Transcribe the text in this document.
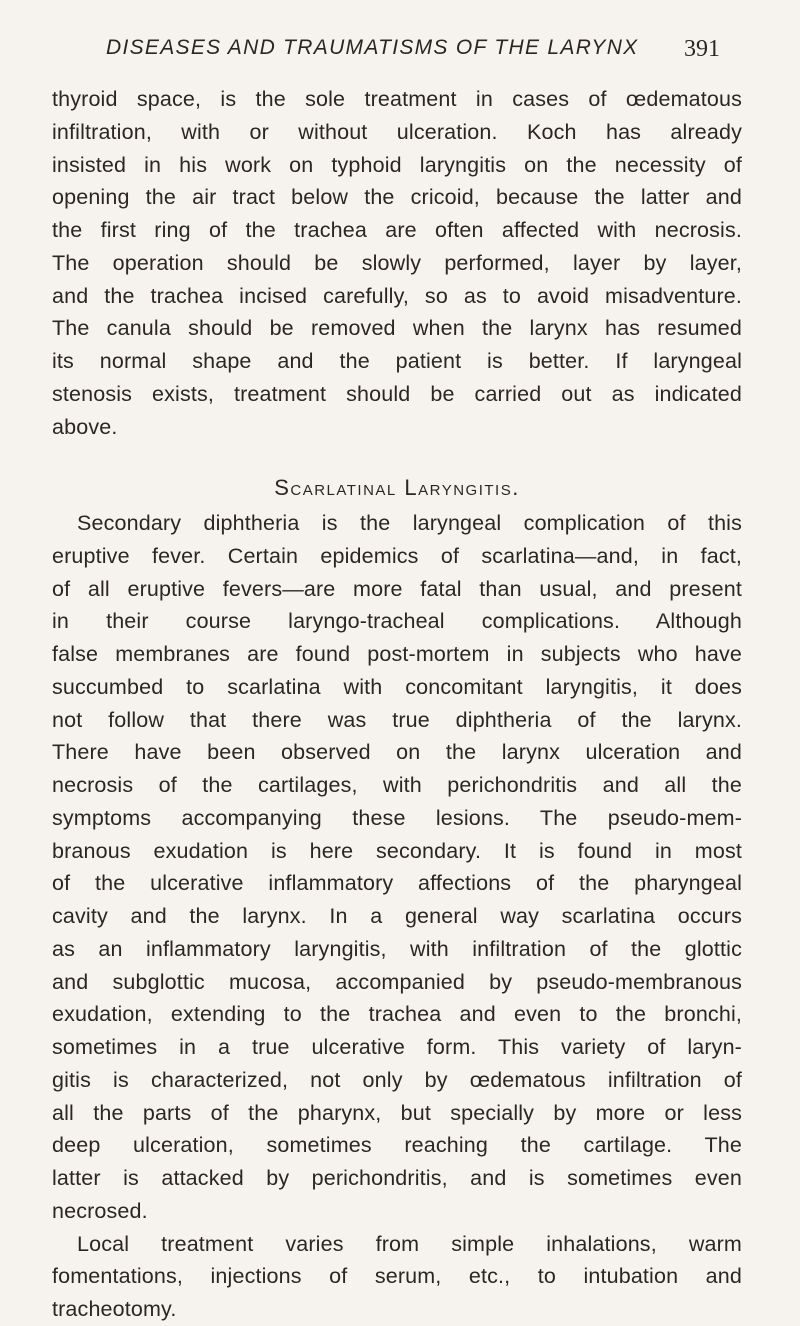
DISEASES AND TRAUMATISMS OF THE LARYNX 391
thyroid space, is the sole treatment in cases of œdematous
infiltration, with or without ulceration. Koch has already
insisted in his work on typhoid laryngitis on the necessity of
opening the air tract below the cricoid, because the latter and
the first ring of the trachea are often affected with necrosis.
The operation should be slowly performed, layer by layer,
and the trachea incised carefully, so as to avoid misadventure.
The canula should be removed when the larynx has resumed
its normal shape and the patient is better. If laryngeal
stenosis exists, treatment should be carried out as indicated
above.
Scarlatinal Laryngitis.
Secondary diphtheria is the laryngeal complication of this
eruptive fever. Certain epidemics of scarlatina—and, in fact,
of all eruptive fevers—are more fatal than usual, and present
in their course laryngo-tracheal complications. Although
false membranes are found post-mortem in subjects who have
succumbed to scarlatina with concomitant laryngitis, it does
not follow that there was true diphtheria of the larynx.
There have been observed on the larynx ulceration and
necrosis of the cartilages, with perichondritis and all the
symptoms accompanying these lesions. The pseudo-mem-
branous exudation is here secondary. It is found in most
of the ulcerative inflammatory affections of the pharyngeal
cavity and the larynx. In a general way scarlatina occurs
as an inflammatory laryngitis, with infiltration of the glottic
and subglottic mucosa, accompanied by pseudo-membranous
exudation, extending to the trachea and even to the bronchi,
sometimes in a true ulcerative form. This variety of laryn-
gitis is characterized, not only by œdematous infiltration of
all the parts of the pharynx, but specially by more or less
deep ulceration, sometimes reaching the cartilage. The
latter is attacked by perichondritis, and is sometimes even
necrosed.
Local treatment varies from simple inhalations, warm
fomentations, injections of serum, etc., to intubation and
tracheotomy.
